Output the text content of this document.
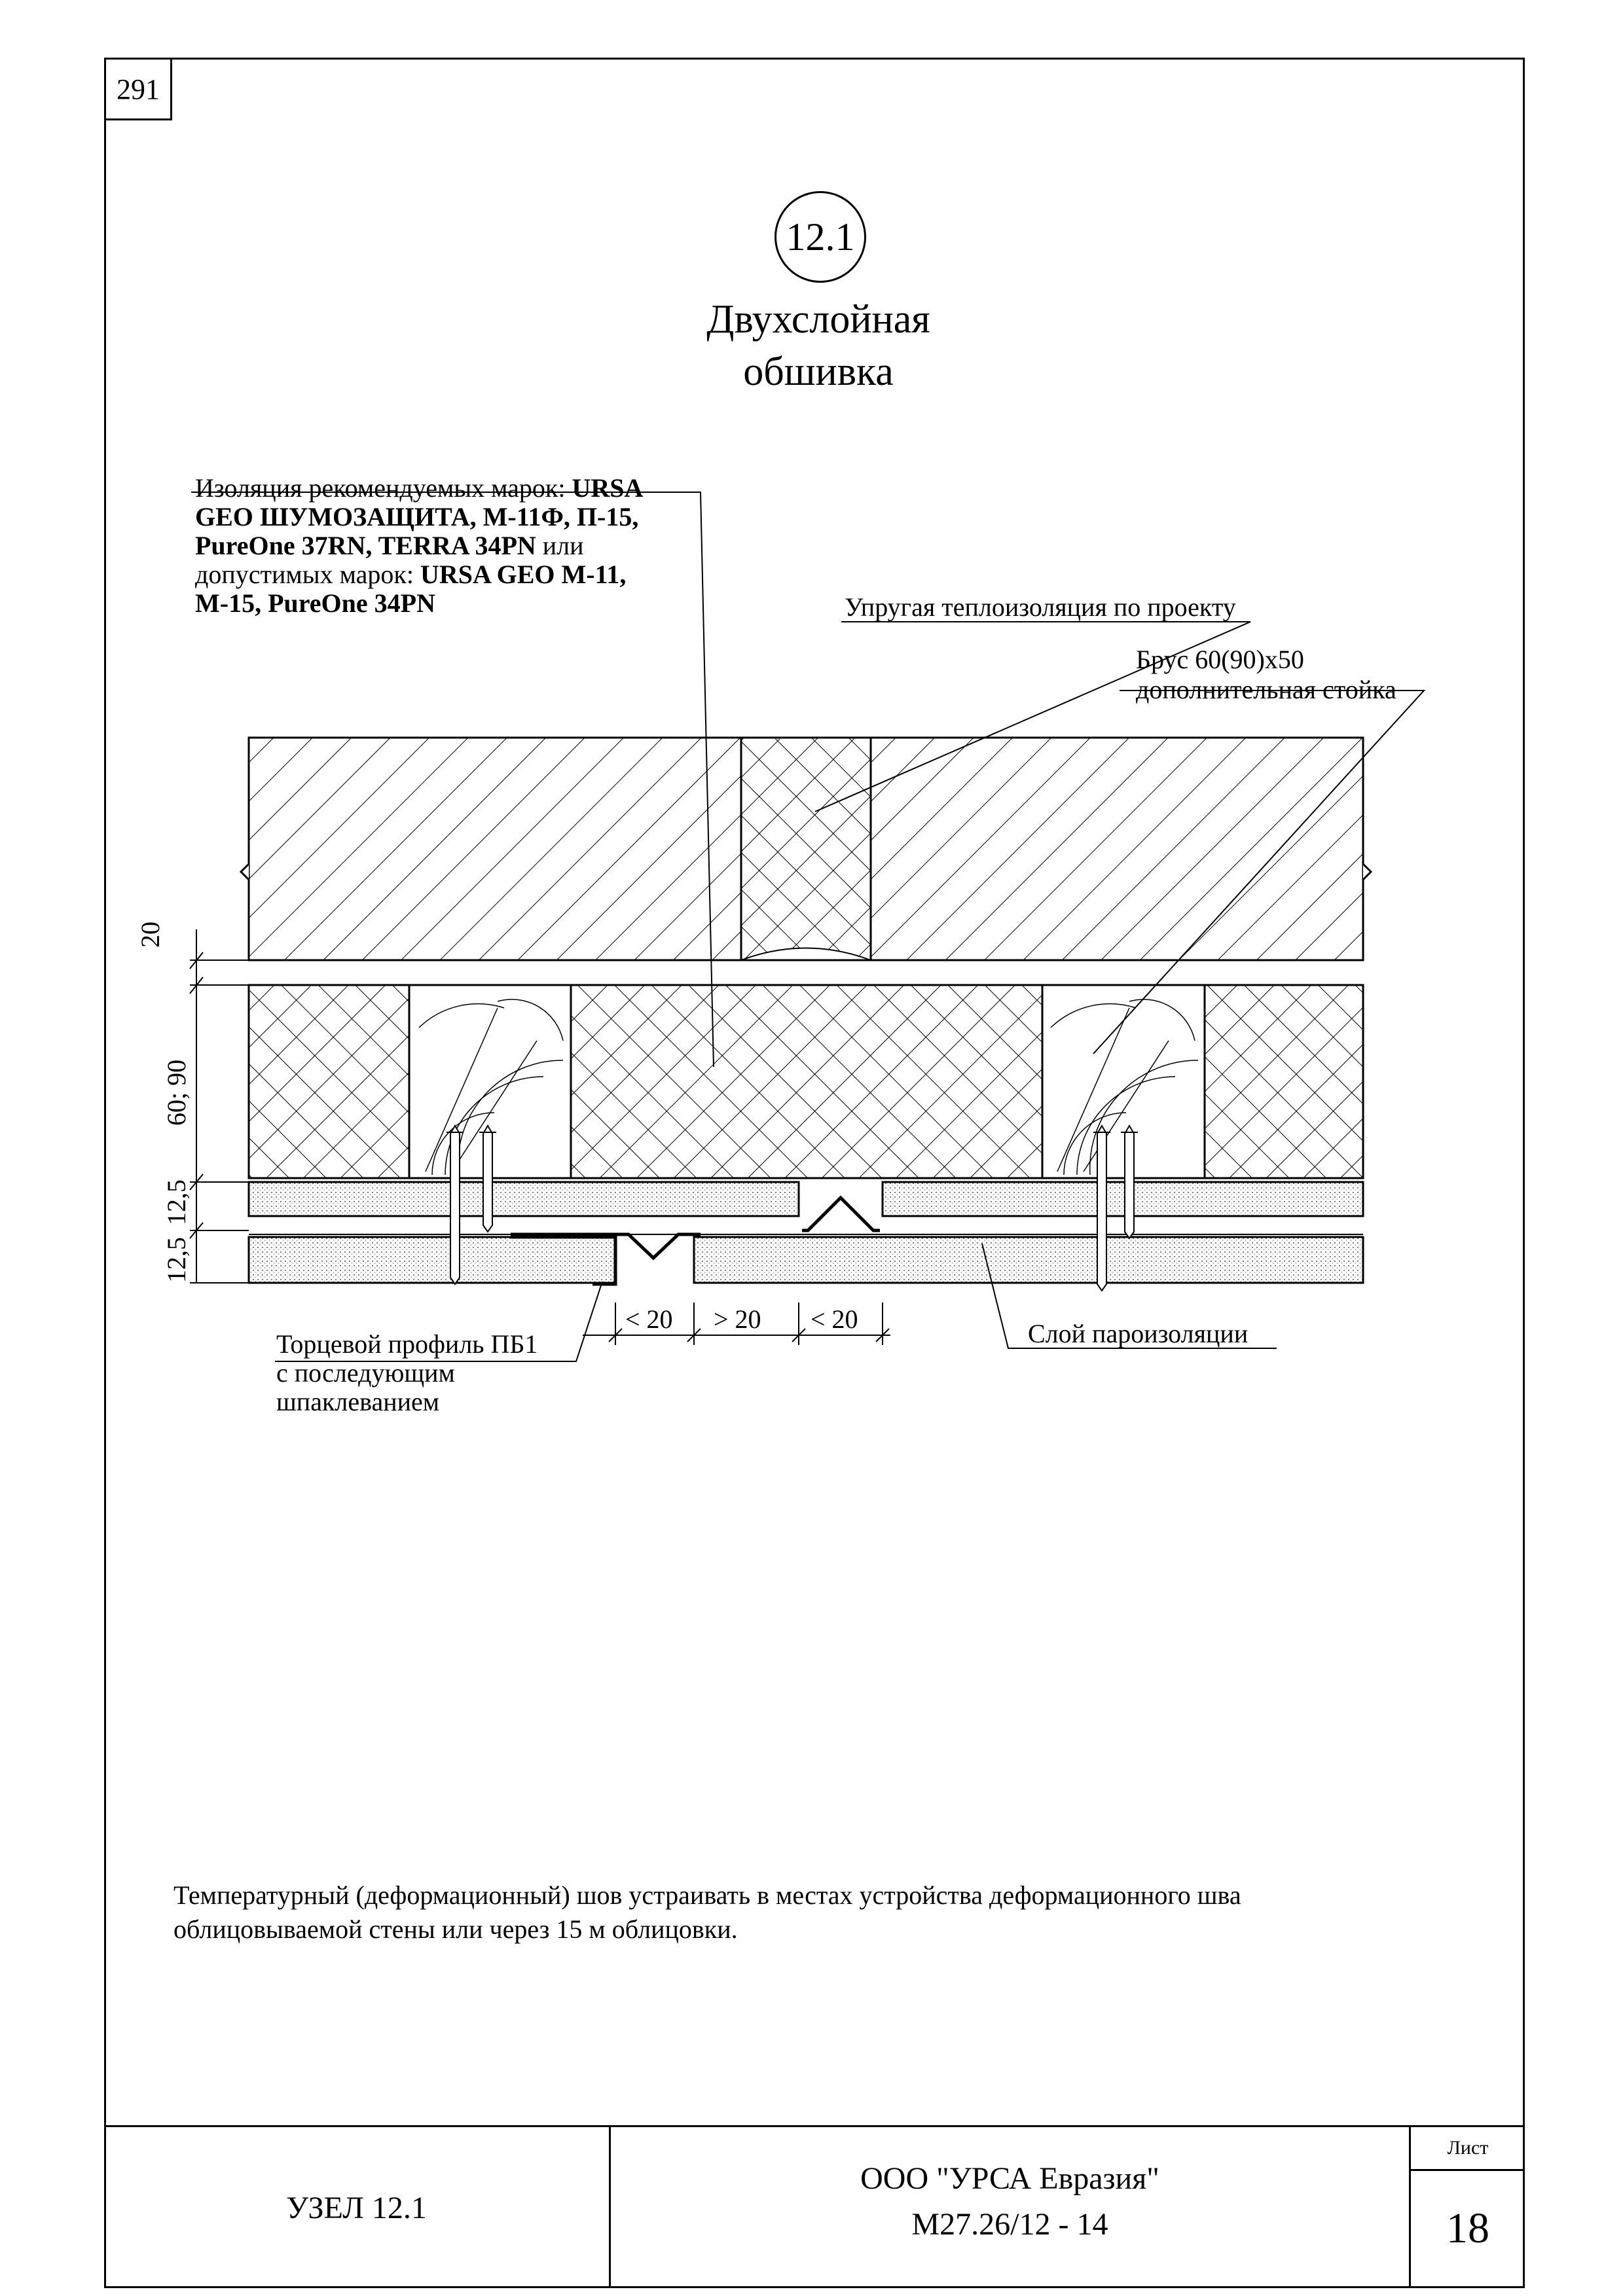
291
12.1
Двухслойная
обшивка
Изоляция рекомендуемых марок: URSA
GEO ШУМОЗАЩИТА, М-11Ф, П-15,
PureOne 37RN, TERRA 34PN или
допустимых марок: URSA GEO М-11,
М-15, PureOne 34PN	Упругая теплоизоляция по проекту
Брус 60(90)х50
дополнительная стойка
Торцевой профиль ПБ1
с последующим
шпаклеванием
Слой пароизоляции
20
60; 90
12,5
12,5
< 20 > 20 < 20
Температурный (деформационный) шов устраивать в местах устройства деформационного шва
облицовываемой стены или через 15 м облицовки.
УЗЕЛ 12.1
ООО "УРСА Евразия"
М27.26/12 - 14
Лист
18
